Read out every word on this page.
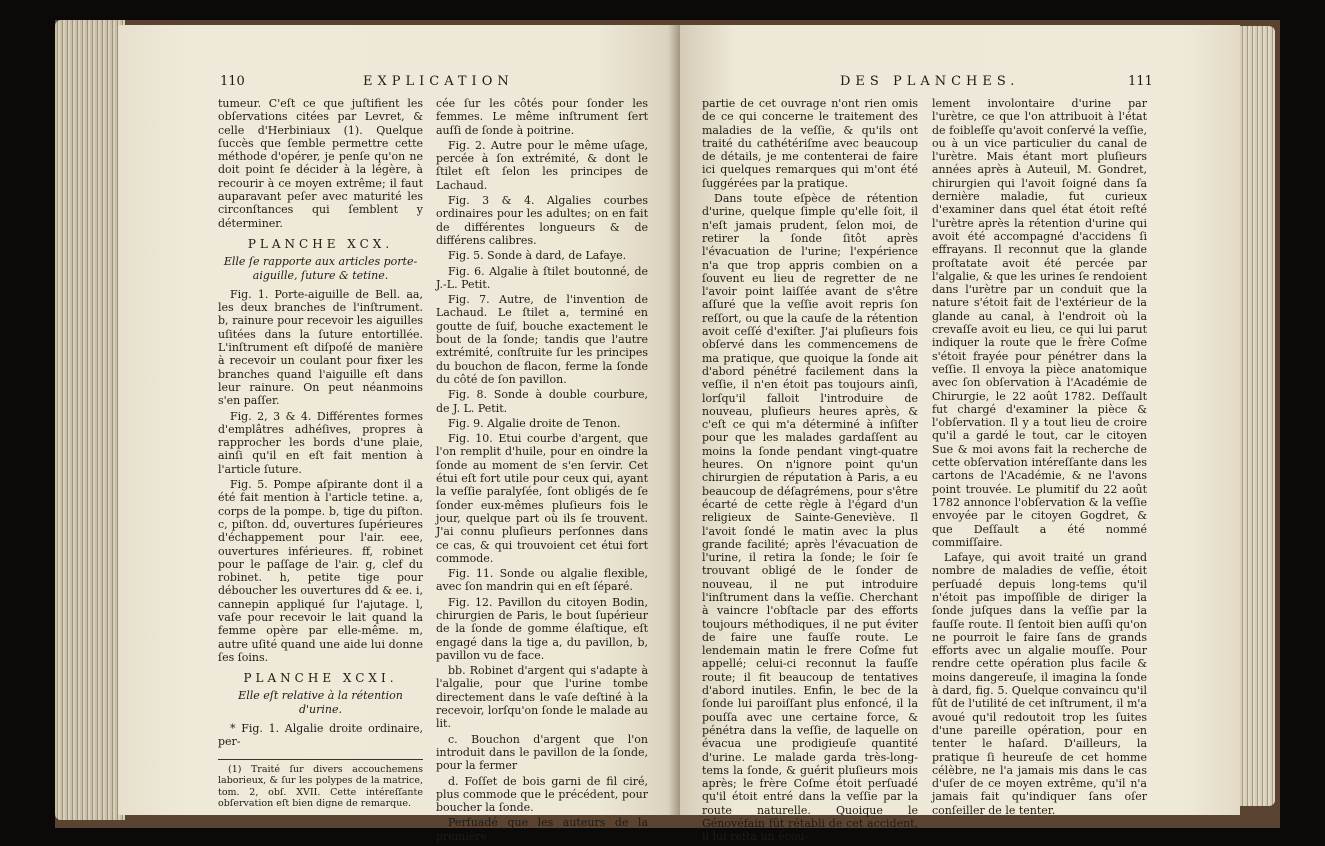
110	EXPLICATION

tumeur. C'eſt ce que juſtifient les obſervations citées par Levret, & celle d'Herbiniaux (1). Quelque ſuccès que ſemble permettre cette méthode d'opérer, je penſe qu'on ne doit point ſe décider à la légère, à recourir à ce moyen extrême; il faut auparavant peſer avec maturité les circonſtances qui ſemblent y déterminer.

PLANCHE XCX.
Elle ſe rapporte aux articles porte-aiguille, ſuture & tetine.

Fig. 1. Porte-aiguille de Bell. aa, les deux branches de l'inſtrument. b, rainure pour recevoir les aiguilles uſitées dans la ſuture entortillée. L'inſtrument eſt diſpoſé de manière à recevoir un coulant pour fixer les branches quand l'aiguille eſt dans leur rainure. On peut néanmoins s'en paſſer.

Fig. 2, 3 & 4. Différentes formes d'emplâtres adhéſives, propres à rapprocher les bords d'une plaie, ainſi qu'il en eſt fait mention à l'article ſuture.

Fig. 5. Pompe aſpirante dont il a été fait mention à l'article tetine. a, corps de la pompe. b, tige du piſton. c, piſton. dd, ouvertures ſupérieures d'échappement pour l'air. eee, ouvertures inférieures. ff, robinet pour le paſſage de l'air. g, clef du robinet. h, petite tige pour déboucher les ouvertures dd & ee. i, cannepin appliqué ſur l'ajutage. l, vaſe pour recevoir le lait quand la femme opère par elle-même. m, autre uſité quand une aide lui donne ſes ſoins.

PLANCHE XCXI.
Elle eſt relative à la rétention d'urine.

* Fig. 1. Algalie droite ordinaire, per-

(1) Traité ſur divers accouchemens laborieux, & ſur les polypes de la matrice, tom. 2, obſ. XVII. Cette intéreſſante obſervation eſt bien digne de remarque.

cée ſur les côtés pour ſonder les femmes. Le même inſtrument ſert auſſi de ſonde à poitrine.

Fig. 2. Autre pour le même uſage, percée à ſon extrémité, & dont le ſtilet eſt ſelon les principes de Lachaud.

Fig. 3 & 4. Algalies courbes ordinaires pour les adultes; on en fait de différentes longueurs & de différens calibres.

Fig. 5. Sonde à dard, de Lafaye.

Fig. 6. Algalie à ſtilet boutonné, de J.-L. Petit.

Fig. 7. Autre, de l'invention de Lachaud. Le ſtilet a, terminé en goutte de ſuif, bouche exactement le bout de la ſonde; tandis que l'autre extrémité, conſtruite ſur les principes du bouchon de flacon, ferme la ſonde du côté de ſon pavillon.

Fig. 8. Sonde à double courbure, de J. L. Petit.

Fig. 9. Algalie droite de Tenon.

Fig. 10. Etui courbe d'argent, que l'on remplit d'huile, pour en oindre la ſonde au moment de s'en ſervir. Cet étui eſt fort utile pour ceux qui, ayant la veſſie paralyſée, ſont obligés de ſe ſonder eux-mêmes pluſieurs fois le jour, quelque part où ils ſe trouvent. J'ai connu pluſieurs perſonnes dans ce cas, & qui trouvoient cet étui fort commode.

Fig. 11. Sonde ou algalie flexible, avec ſon mandrin qui en eſt ſéparé.

Fig. 12. Pavillon du citoyen Bodin, chirurgien de Paris, le bout ſupérieur de la ſonde de gomme élaſtique, eſt engagé dans la tige a, du pavillon, b, pavillon vu de face.

bb. Robinet d'argent qui s'adapte à l'algalie, pour que l'urine tombe directement dans le vaſe deſtiné à la recevoir, lorſqu'on ſonde le malade au lit.

c. Bouchon d'argent que l'on introduit dans le pavillon de la ſonde, pour la fermer

d. Foſſet de bois garni de fil ciré, plus commode que le précédent, pour boucher la ſonde.

Perſuadé que les auteurs de la première

DES PLANCHES.	111

partie de cet ouvrage n'ont rien omis de ce qui concerne le traitement des maladies de la veſſie, & qu'ils ont traité du cathétériſme avec beaucoup de détails, je me contenterai de faire ici quelques remarques qui m'ont été ſuggérées par la pratique.

Dans toute eſpèce de rétention d'urine, quelque ſimple qu'elle ſoit, il n'eſt jamais prudent, ſelon moi, de retirer la ſonde ſitôt après l'évacuation de l'urine; l'expérience n'a que trop appris combien on a ſouvent eu lieu de regretter de ne l'avoir point laiſſée avant de s'être aſſuré que la veſſie avoit repris ſon reſſort, ou que la cauſe de la rétention avoit ceſſé d'exiſter. J'ai pluſieurs fois obſervé dans les commencemens de ma pratique, que quoique la ſonde ait d'abord pénétré facilement dans la veſſie, il n'en étoit pas toujours ainſi, lorſqu'il falloit l'introduire de nouveau, pluſieurs heures après, & c'eſt ce qui m'a déterminé à inſiſter pour que les malades gardaſſent au moins la ſonde pendant vingt-quatre heures. On n'ignore point qu'un chirurgien de réputation à Paris, a eu beaucoup de déſagrémens, pour s'être écarté de cette règle à l'égard d'un religieux de Sainte-Geneviève. Il l'avoit ſondé le matin avec la plus grande facilité; après l'évacuation de l'urine, il retira la ſonde; le ſoir ſe trouvant obligé de le ſonder de nouveau, il ne put introduire l'inſtrument dans la veſſie. Cherchant à vaincre l'obſtacle par des efforts toujours méthodiques, il ne put éviter de faire une fauſſe route. Le lendemain matin le frere Coſme fut appellé; celui-ci reconnut la fauſſe route; il fit beaucoup de tentatives d'abord inutiles. Enfin, le bec de la ſonde lui paroiſſant plus enfoncé, il la pouſſa avec une certaine force, & pénétra dans la veſſie, de laquelle on évacua une prodigieuſe quantité d'urine. Le malade garda très-long-tems la ſonde, & guérit pluſieurs mois après; le frère Coſme étoit perſuadé qu'il étoit entré dans la veſſie par la route naturelle. Quoique le Génovéfain fût rétabli de cet accident, il lui reſta un écou-

lement involontaire d'urine par l'urètre, ce que l'on attribuoit à l'état de foibleſſe qu'avoit conſervé la veſſie, ou à un vice particulier du canal de l'urètre. Mais étant mort pluſieurs années après à Auteuil, M. Gondret, chirurgien qui l'avoit ſoigné dans ſa dernière maladie, fut curieux d'examiner dans quel état étoit reſté l'urètre après la rétention d'urine qui avoit été accompagné d'accidens ſi effrayans. Il reconnut que la glande proſtatate avoit été percée par l'algalie, & que les urines ſe rendoient dans l'urètre par un conduit que la nature s'étoit fait de l'extérieur de la glande au canal, à l'endroit où la crevaſſe avoit eu lieu, ce qui lui parut indiquer la route que le frère Coſme s'étoit frayée pour pénétrer dans la veſſie. Il envoya la pièce anatomique avec ſon obſervation à l'Académie de Chirurgie, le 22 août 1782. Deſſault fut chargé d'examiner la pièce & l'obſervation. Il y a tout lieu de croire qu'il a gardé le tout, car le citoyen Sue & moi avons fait la recherche de cette obſervation intéreſſante dans les cartons de l'Académie, & ne l'avons point trouvée. Le plumitif du 22 août 1782 annonce l'obſervation & la veſſie envoyée par le citoyen Gogdret, & que Deſſault a été nommé commiſſaire.

Lafaye, qui avoit traité un grand nombre de maladies de veſſie, étoit perſuadé depuis long-tems qu'il n'étoit pas impoſſible de diriger la ſonde juſques dans la veſſie par la fauſſe route. Il ſentoit bien auſſi qu'on ne pourroit le faire ſans de grands efforts avec un algalie mouſſe. Pour rendre cette opération plus facile & moins dangereuſe, il imagina la ſonde à dard, fig. 5. Quelque convaincu qu'il fût de l'utilité de cet inſtrument, il m'a avoué qu'il redoutoit trop les ſuites d'une pareille opération, pour en tenter le haſard. D'ailleurs, la pratique ſi heureuſe de cet homme célèbre, ne l'a jamais mis dans le cas d'uſer de ce moyen extrême, qu'il n'a jamais fait qu'indiquer ſans oſer conſeiller de le tenter.
